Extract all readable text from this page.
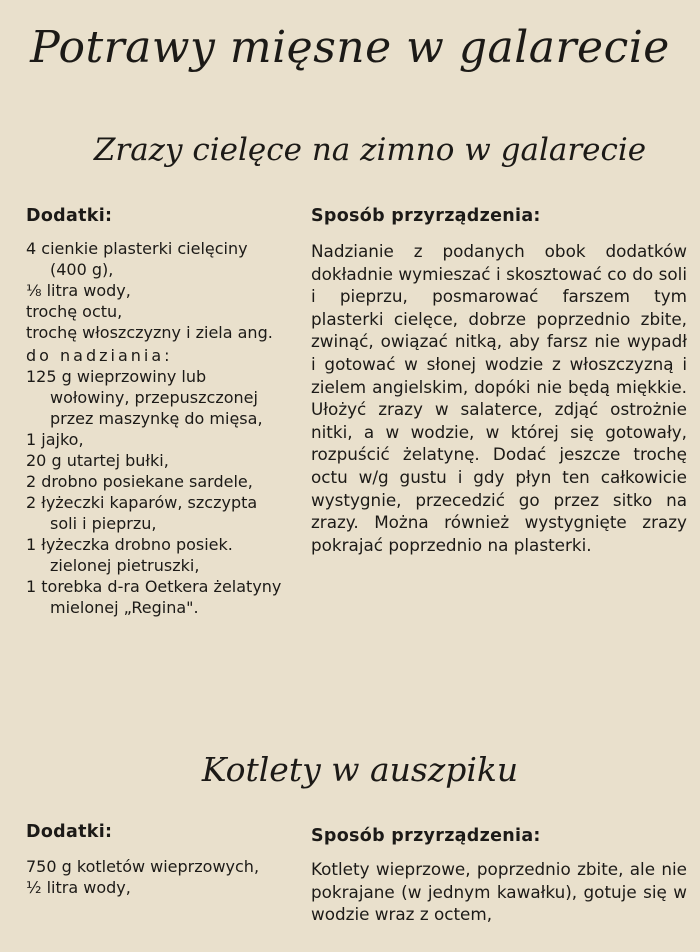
Potrawy mięsne w galarecie
Zrazy cielęce na zimno w galarecie
Dodatki:
4 cienkie plasterki cielęciny (400 g),
⅛ litra wody,
trochę octu,
trochę włoszczyzny i ziela ang.
do nadziania:
125 g wieprzowiny lub wołowiny, przepuszczonej przez maszynkę do mięsa,
1 jajko,
20 g utartej bułki,
2 drobno posiekane sardele,
2 łyżeczki kaparów, szczypta soli i pieprzu,
1 łyżeczka drobno posiek. zielonej pietruszki,
1 torebka d-ra Oetkera żelatyny mielonej „Regina".
Sposób przyrządzenia:

Nadzianie z podanych obok dodatków dokładnie wymieszać i skosztować co do soli i pieprzu, posmarować farszem tym plasterki cielęce, dobrze poprzednio zbite, zwinąć, owiązać nitką, aby farsz nie wypadł i gotować w słonej wodzie z włoszczyzną i zielem angielskim, dopóki nie będą miękkie. Ułożyć zrazy w salaterce, zdjąć ostrożnie nitki, a w wodzie, w której się gotowały, rozpuścić żelatynę. Dodać jeszcze trochę octu w/g gustu i gdy płyn ten całkowicie wystygnie, przecedzić go przez sitko na zrazy. Można również wystygnięte zrazy pokrajać poprzednio na plasterki.

Kotlety w auszpiku
Dodatki:
750 g kotletów wieprzowych,
½ litra wody,
Sposób przyrządzenia:

Kotlety wieprzowe, poprzednio zbite, ale nie pokrajane (w jednym kawałku), gotuje się w wodzie wraz z octem,
